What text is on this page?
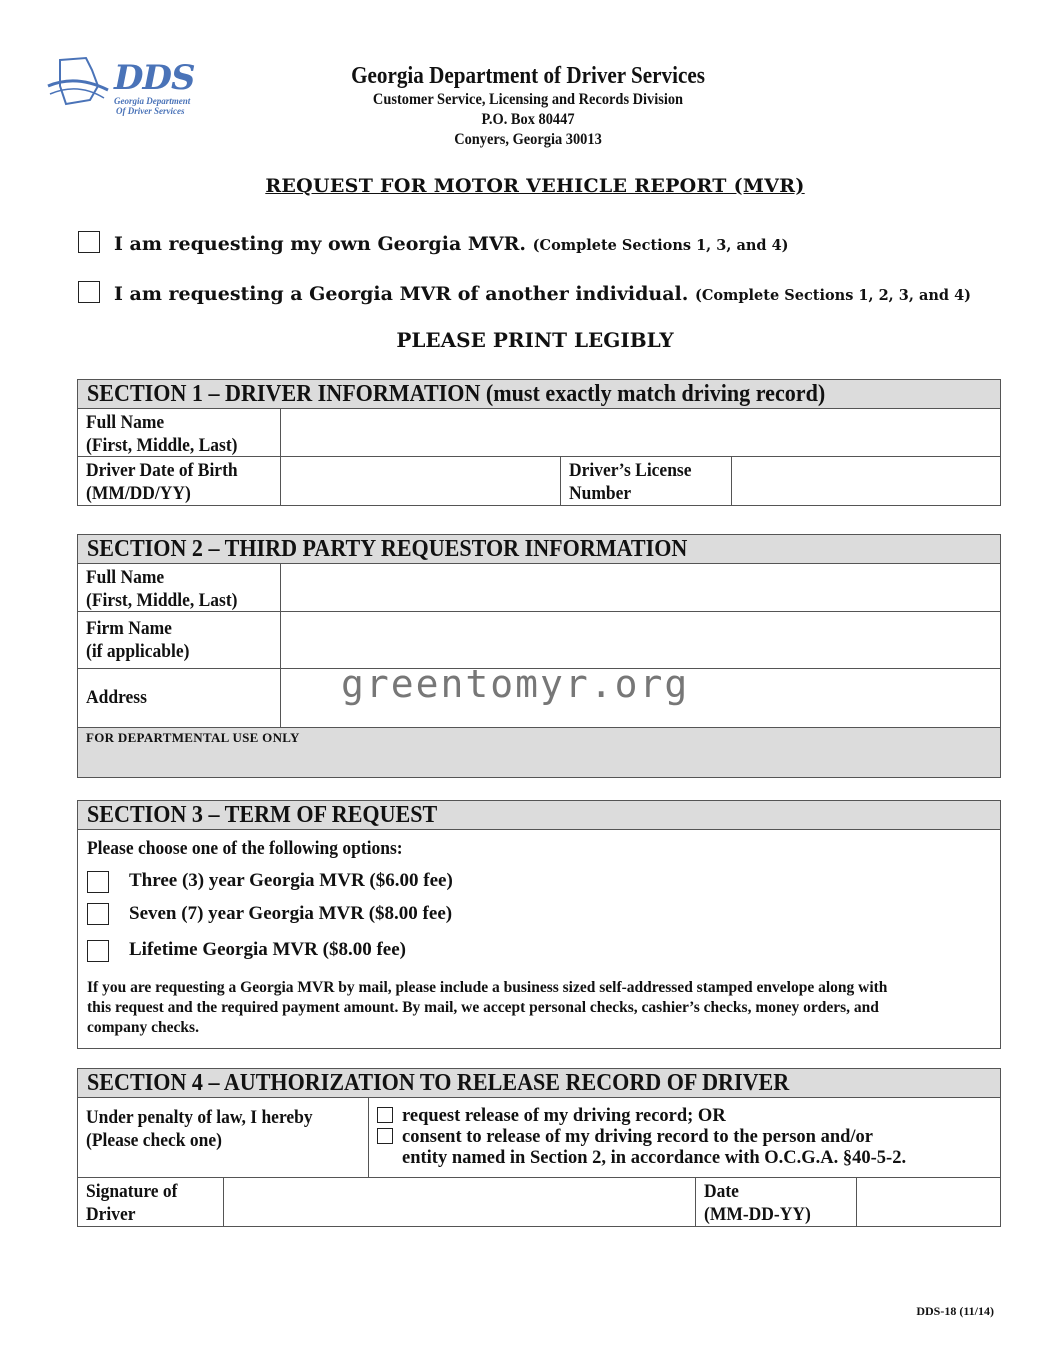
DDS
Georgia Department
Of Driver Services

Georgia Department of Driver Services

Customer Service, Licensing and Records Division

P.O. Box 80447

Conyers, Georgia 30013

REQUEST FOR MOTOR VEHICLE REPORT (MVR)
I am requesting my own Georgia MVR. (Complete Sections 1, 3, and 4)
I am requesting a Georgia MVR of another individual. (Complete Sections 1, 2, 3, and 4)
PLEASE PRINT LEGIBLY
SECTION 1 – DRIVER INFORMATION (must exactly match driving record)
Full Name
(First, Middle, Last)
Driver Date of Birth
(MM/DD/YY)
Driver’s License
Number
SECTION 2 – THIRD PARTY REQUESTOR INFORMATION
Full Name
(First, Middle, Last)
Firm Name
(if applicable)
Address	greentomyr.org
FOR DEPARTMENTAL USE ONLY
SECTION 3 – TERM OF REQUEST
Please choose one of the following options:
Three (3) year Georgia MVR ($6.00 fee)
Seven (7) year Georgia MVR ($8.00 fee)
Lifetime Georgia MVR ($8.00 fee)
If you are requesting a Georgia MVR by mail, please include a business sized self-addressed stamped envelope along with
this request and the required payment amount. By mail, we accept personal checks, cashier’s checks, money orders, and
company checks.
SECTION 4 – AUTHORIZATION TO RELEASE RECORD OF DRIVER
Under penalty of law, I hereby
(Please check one)
request release of my driving record; OR
consent to release of my driving record to the person and/or
entity named in Section 2, in accordance with O.C.G.A. §40-5-2.
Signature of
Driver
Date
(MM-DD-YY)
DDS-18 (11/14)
